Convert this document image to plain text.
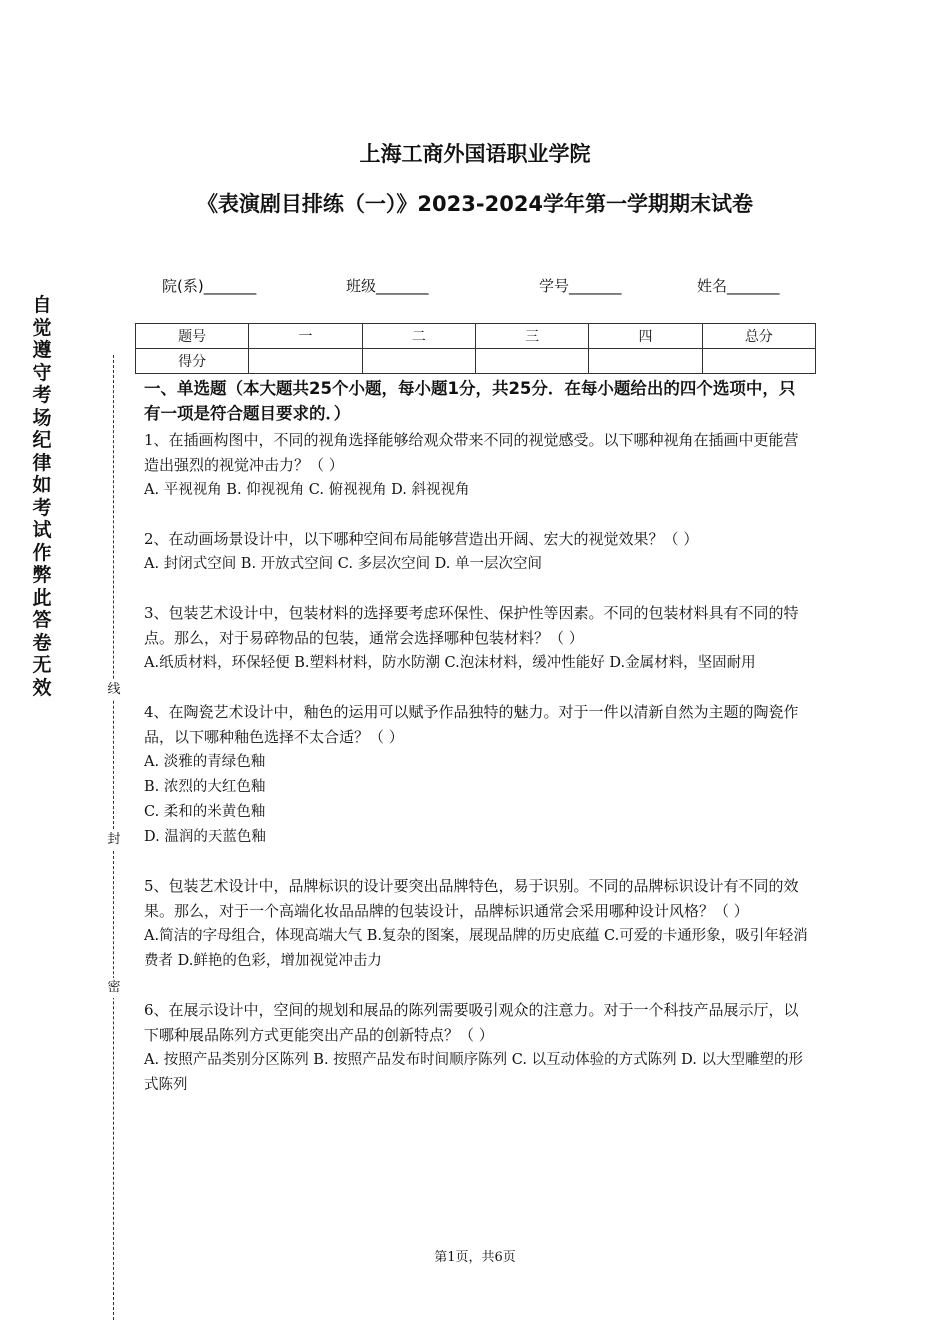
上海工商外国语职业学院
《表演剧目排练（一）》2023-2024学年第一学期期末试卷
院(系)_______	班级_______	学号_______	姓名_______
题号	一	二	三	四	总分
得分					
自觉遵守考场纪律如考试作弊此答卷无效	线
封
密
一、单选题（本大题共25个小题，每小题1分，共25分．在每小题给出的四个选项中，只有一项是符合题目要求的．）

1、在插画构图中，不同的视角选择能够给观众带来不同的视觉感受。以下哪种视角在插画中更能营造出强烈的视觉冲击力？（ ）

A. 平视视角 B. 仰视视角 C. 俯视视角 D. 斜视视角

2、在动画场景设计中，以下哪种空间布局能够营造出开阔、宏大的视觉效果？（ ）

A. 封闭式空间 B. 开放式空间 C. 多层次空间 D. 单一层次空间

3、包装艺术设计中，包装材料的选择要考虑环保性、保护性等因素。不同的包装材料具有不同的特点。那么，对于易碎物品的包装，通常会选择哪种包装材料？（ ）

A.纸质材料，环保轻便 B.塑料材料，防水防潮 C.泡沫材料，缓冲性能好 D.金属材料，坚固耐用

4、在陶瓷艺术设计中，釉色的运用可以赋予作品独特的魅力。对于一件以清新自然为主题的陶瓷作品，以下哪种釉色选择不太合适？（ ）

A. 淡雅的青绿色釉

B. 浓烈的大红色釉

C. 柔和的米黄色釉

D. 温润的天蓝色釉

5、包装艺术设计中，品牌标识的设计要突出品牌特色，易于识别。不同的品牌标识设计有不同的效果。那么，对于一个高端化妆品品牌的包装设计，品牌标识通常会采用哪种设计风格？（ ）

A.简洁的字母组合，体现高端大气 B.复杂的图案，展现品牌的历史底蕴 C.可爱的卡通形象，吸引年轻消费者 D.鲜艳的色彩，增加视觉冲击力

6、在展示设计中，空间的规划和展品的陈列需要吸引观众的注意力。对于一个科技产品展示厅，以下哪种展品陈列方式更能突出产品的创新特点？（ ）

A. 按照产品类别分区陈列 B. 按照产品发布时间顺序陈列 C. 以互动体验的方式陈列 D. 以大型雕塑的形式陈列

第1页，共6页
